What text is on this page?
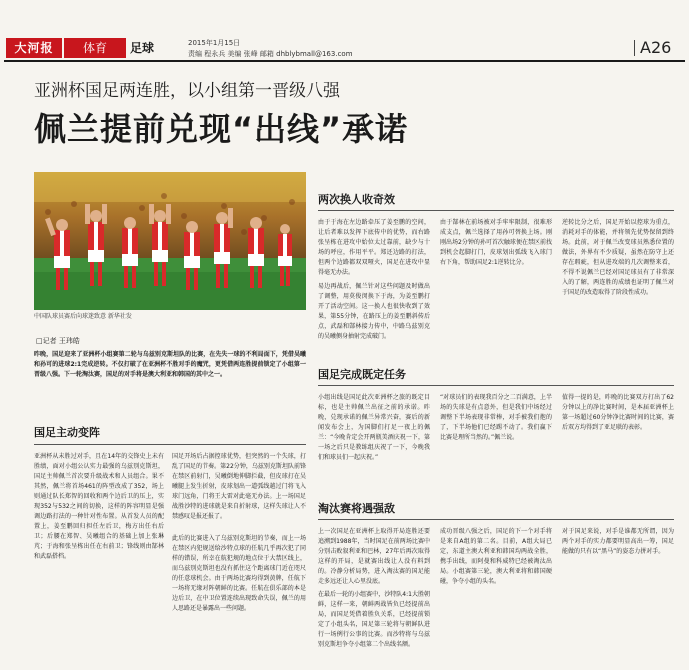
大河报	体育	足球	2015年1月15日
责编 程永兵 美编 张峰 邮箱 dhblybmall@163.com	A26
亚洲杯国足两连胜，以小组第一晋级八强
佩兰提前兑现“出线”承诺
中国队球员赛后向球迷致意 新华社发
□记者 王玮皓

昨晚，国足迎来了亚洲杯小组赛第二轮与乌兹别克斯坦队的比赛，在先失一球的不利局面下，凭借吴曦和孙可的进球2:1完成逆转。不仅打破了在亚洲杯不胜对手的魔咒，更凭借两连胜提前锁定了小组第一晋级八强。下一轮淘汰赛，国足的对手将是澳大利亚和韩国的其中之一。

国足主动变阵

亚洲杯从未胜过对手，且在14年的交锋史上未有胜绩，面对小组公认实力最强的乌兹别克斯坦，国足主帅佩兰首次要升级战术和人员组合。果不其然，佩兰将首场461的阵型改成了352，场上则通过队长郑智的回收和两个边后卫的压上，实现352与532之间的切换，这样的阵容明显是强调边路打法的一种针对性布置。从首发人员的配置上，姜至鹏回归担任左后卫，梅方出任右后卫；后腰在郑智、吴曦组合的基础上加上张琳芃；于海和张呈栋出任在右前卫；锋线则由郜林和武磊搭档。

国足开场后占据控球优势，但突然的一个失球，打乱了国足的节奏。第22分钟，乌兹别克斯坦队前锋在禁区前射门，吴曦倒地伸脚拦截，但皮球打在吴曦腿上发生折射，皮球划出一道弧线越过门将飞入球门远角，门将王大雷对此毫无办法。上一场国足战胜沙特的进球就是来自折射球，这样失球让人不禁感叹是报还报了。

此后的比赛进入了乌兹别克斯坦的节奏，而上一场在禁区内犯规送给沙特点球的任航几乎再次犯了同样的错误，所幸在航犯规的地点位于大禁区线上，而乌兹别克斯坦也没有抓住这个距离球门近在咫尺的任意球机会。由于两场比赛均得到黄牌，任航下一场将无缘对阵朝鲜的比赛。任航在俱乐部的本是边后卫，在中卫位置连续出现致命失误，佩兰的用人思路还是暴露出一些问题。

两次换人收奇效

由于于海在左边路牵压了姜至鹏的空间，让后者难以发挥下底传中的优势，而右路张呈栋在进攻中始位太过靠前，缺少与十场的呼应，作用平平。郑还边路的打法，但两个边路都双双哑火，国足在进攻中显得毫无办法。

易边再战后，佩兰针对这些问题及时做出了调整，用莫俊闵换下于海，为姜至鹏打开了活动空间。这一换人也很快收到了效果，第55分钟，在路压上的姜至鹏斜传后点，武磊和郜林接力传中，中路乌兹别克的吴曦侧身抽射完成破门。

由于郜林在前场被对手牢牢限制，很难形成支点，佩兰选择了用孙可替换上场。刚刚出场2分钟的孙可首次触球便在禁区前找到机会起脚打门，皮球划出弧线飞入球门右下角，帮助国足2:1逆转比分。

逆转比分之后，国足开始以控球为重点，消耗对手的体能，并将领先优势保留到终场。此前，对于佩兰改变球员熟悉位置的做法，外界有不少质疑，虽然在防守上还存在瑕疵，但从进攻端的几次调整来看，不得不说佩兰已经对国足球员有了非常深入的了解，两连胜的成绩也证明了佩兰对于国足的改造取得了阶段性成功。

国足完成既定任务

小组出线是国足此次亚洲杯之旅的既定目标，也是主帅佩兰出征之前的承诺。昨晚，兑现承诺的佩兰异常兴奋，赛后的新闻发布会上，为国脚们打足一夜上的佩兰：“今晚肯定会开两瓶美酒庆祝一下，第一场之后只是教练组庆祝了一下，今晚我们和球员们一起庆祝。”

“对球员们的表现我百分之二百满意，上半场的失球是有点意外，但是我们中场经过调整下半场表现非常棒，对手被我们抱的了，下半场他们已经踢不动了。我们赢下比赛是理所当然的。”佩兰说。

值得一提的是，昨晚的比赛双方打出了62分钟以上的净比赛时间，是本届亚洲杯上第一场超过60分钟净比赛时间的比赛，赛后双方均得到了亚足联的表彰。

淘汰赛将遇强敌

上一次国足在亚洲杯上取得开局连胜还要追溯到1988年，当时国足在前两场比赛中分别击败叙利亚和巴林，27年后再次取得这样的开局，是就赛出线让人没有料到的。冷静分析局势，进入淘汰赛的国足能走多远还让人心里没底。

在最后一轮的小组赛中，沙特队4:1大胜朝鲜，这样一来，朝鲜两战皆负已经提前出局，而国足凭借着胜负关系，已经提前锁定了小组头名，国足第三轮将与朝鲜队进行一场例行公事的比赛。而沙特将与乌兹别克斯坦争夺小组第二个出线名额。

成功晋级八强之后，国足的下一个对手将是来自A组的第二名。目前，A组大局已定，东道主澳大利亚和韩国均两战全胜，携手出线，而阿曼和科威特已经被淘汰出局。小组赛第三轮，澳大利亚将和韩国硬碰，争夺小组的头名。

对于国足来说，对手是谁都无所谓，因为两个对手的实力都要明显高出一筹，国足能做的只有以“黑马”的姿态力拼对手。
